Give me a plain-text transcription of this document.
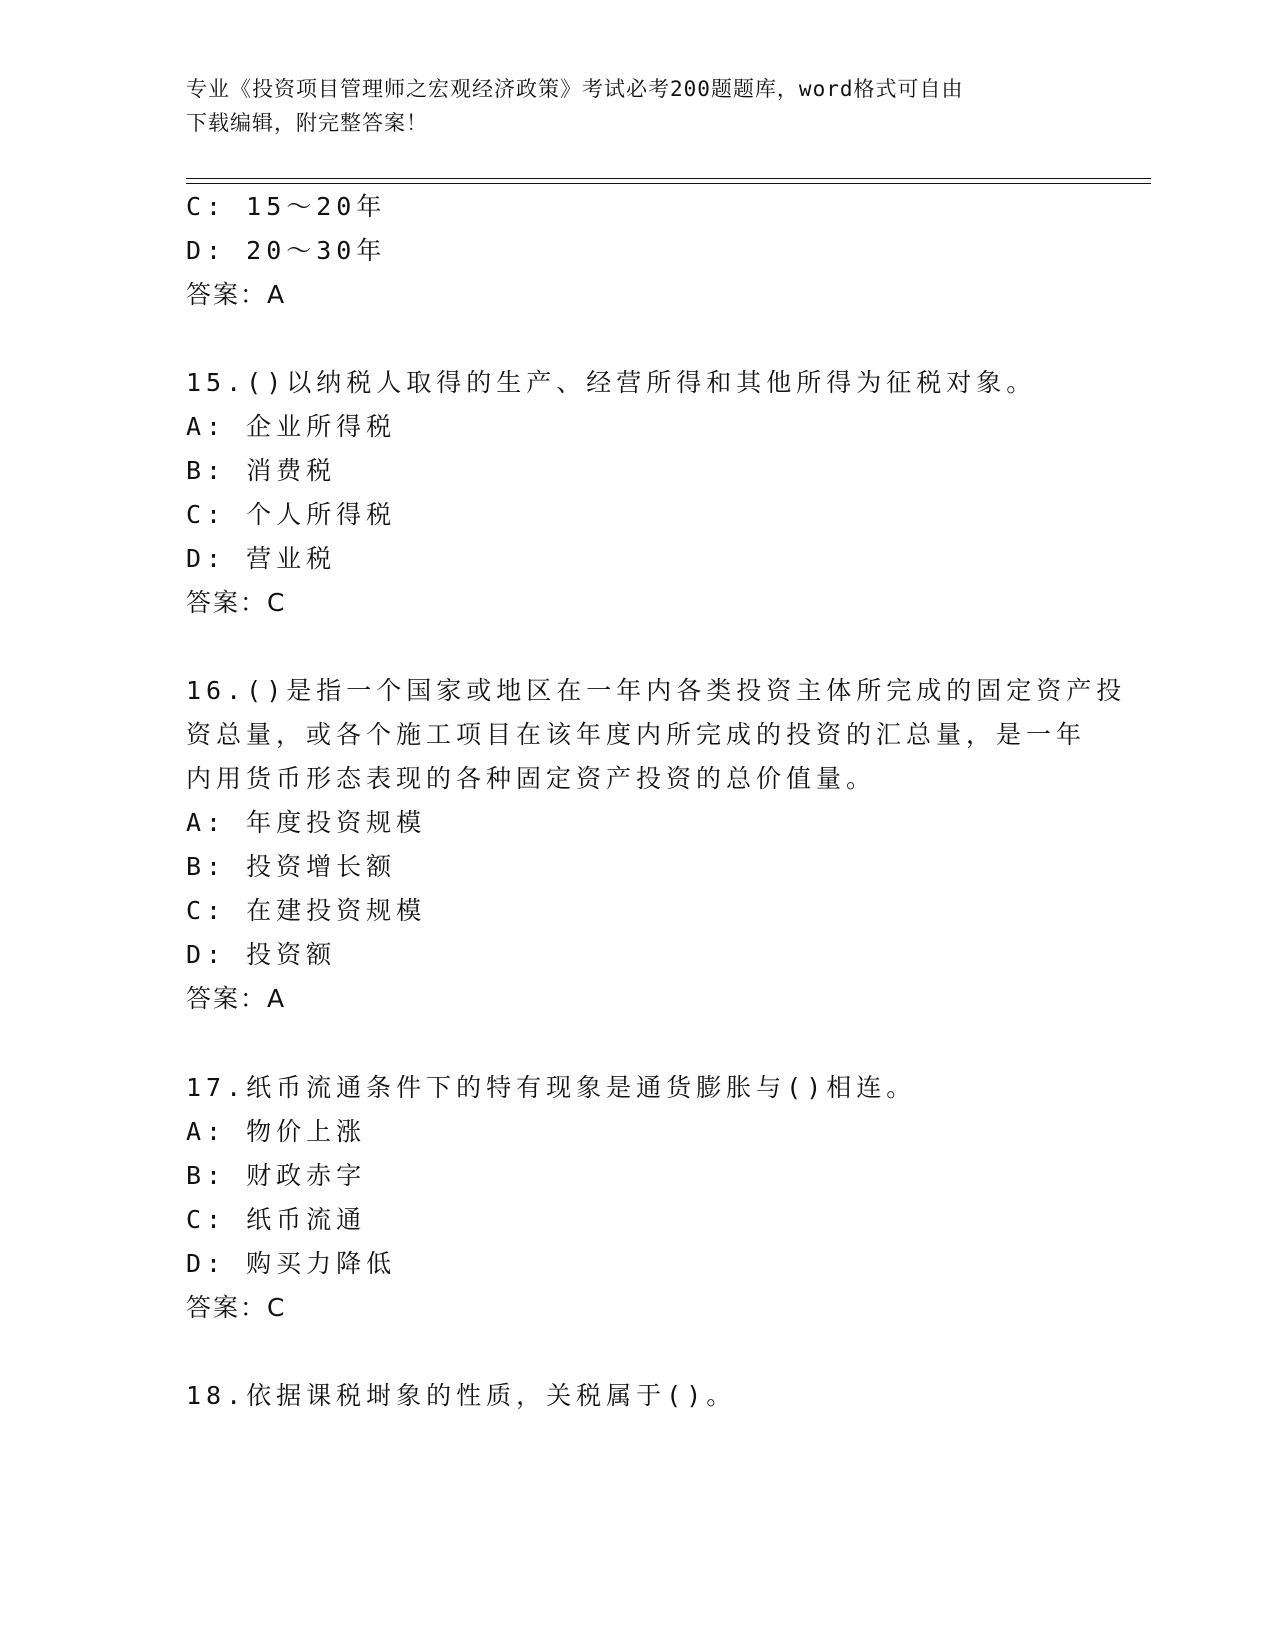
专业《投资项目管理师之宏观经济政策》考试必考200题题库，word格式可自由
下载编辑，附完整答案！
C: 15～20年
D: 20～30年
答案：A
15.()以纳税人取得的生产、经营所得和其他所得为征税对象。
A: 企业所得税
B: 消费税
C: 个人所得税
D: 营业税
答案：C
16.()是指一个国家或地区在一年内各类投资主体所完成的固定资产投
资总量，或各个施工项目在该年度内所完成的投资的汇总量，是一年
内用货币形态表现的各种固定资产投资的总价值量。
A: 年度投资规模
B: 投资增长额
C: 在建投资规模
D: 投资额
答案：A
17.纸币流通条件下的特有现象是通货膨胀与()相连。
A: 物价上涨
B: 财政赤字
C: 纸币流通
D: 购买力降低
答案：C
18.依据课税埘象的性质，关税属于()。
